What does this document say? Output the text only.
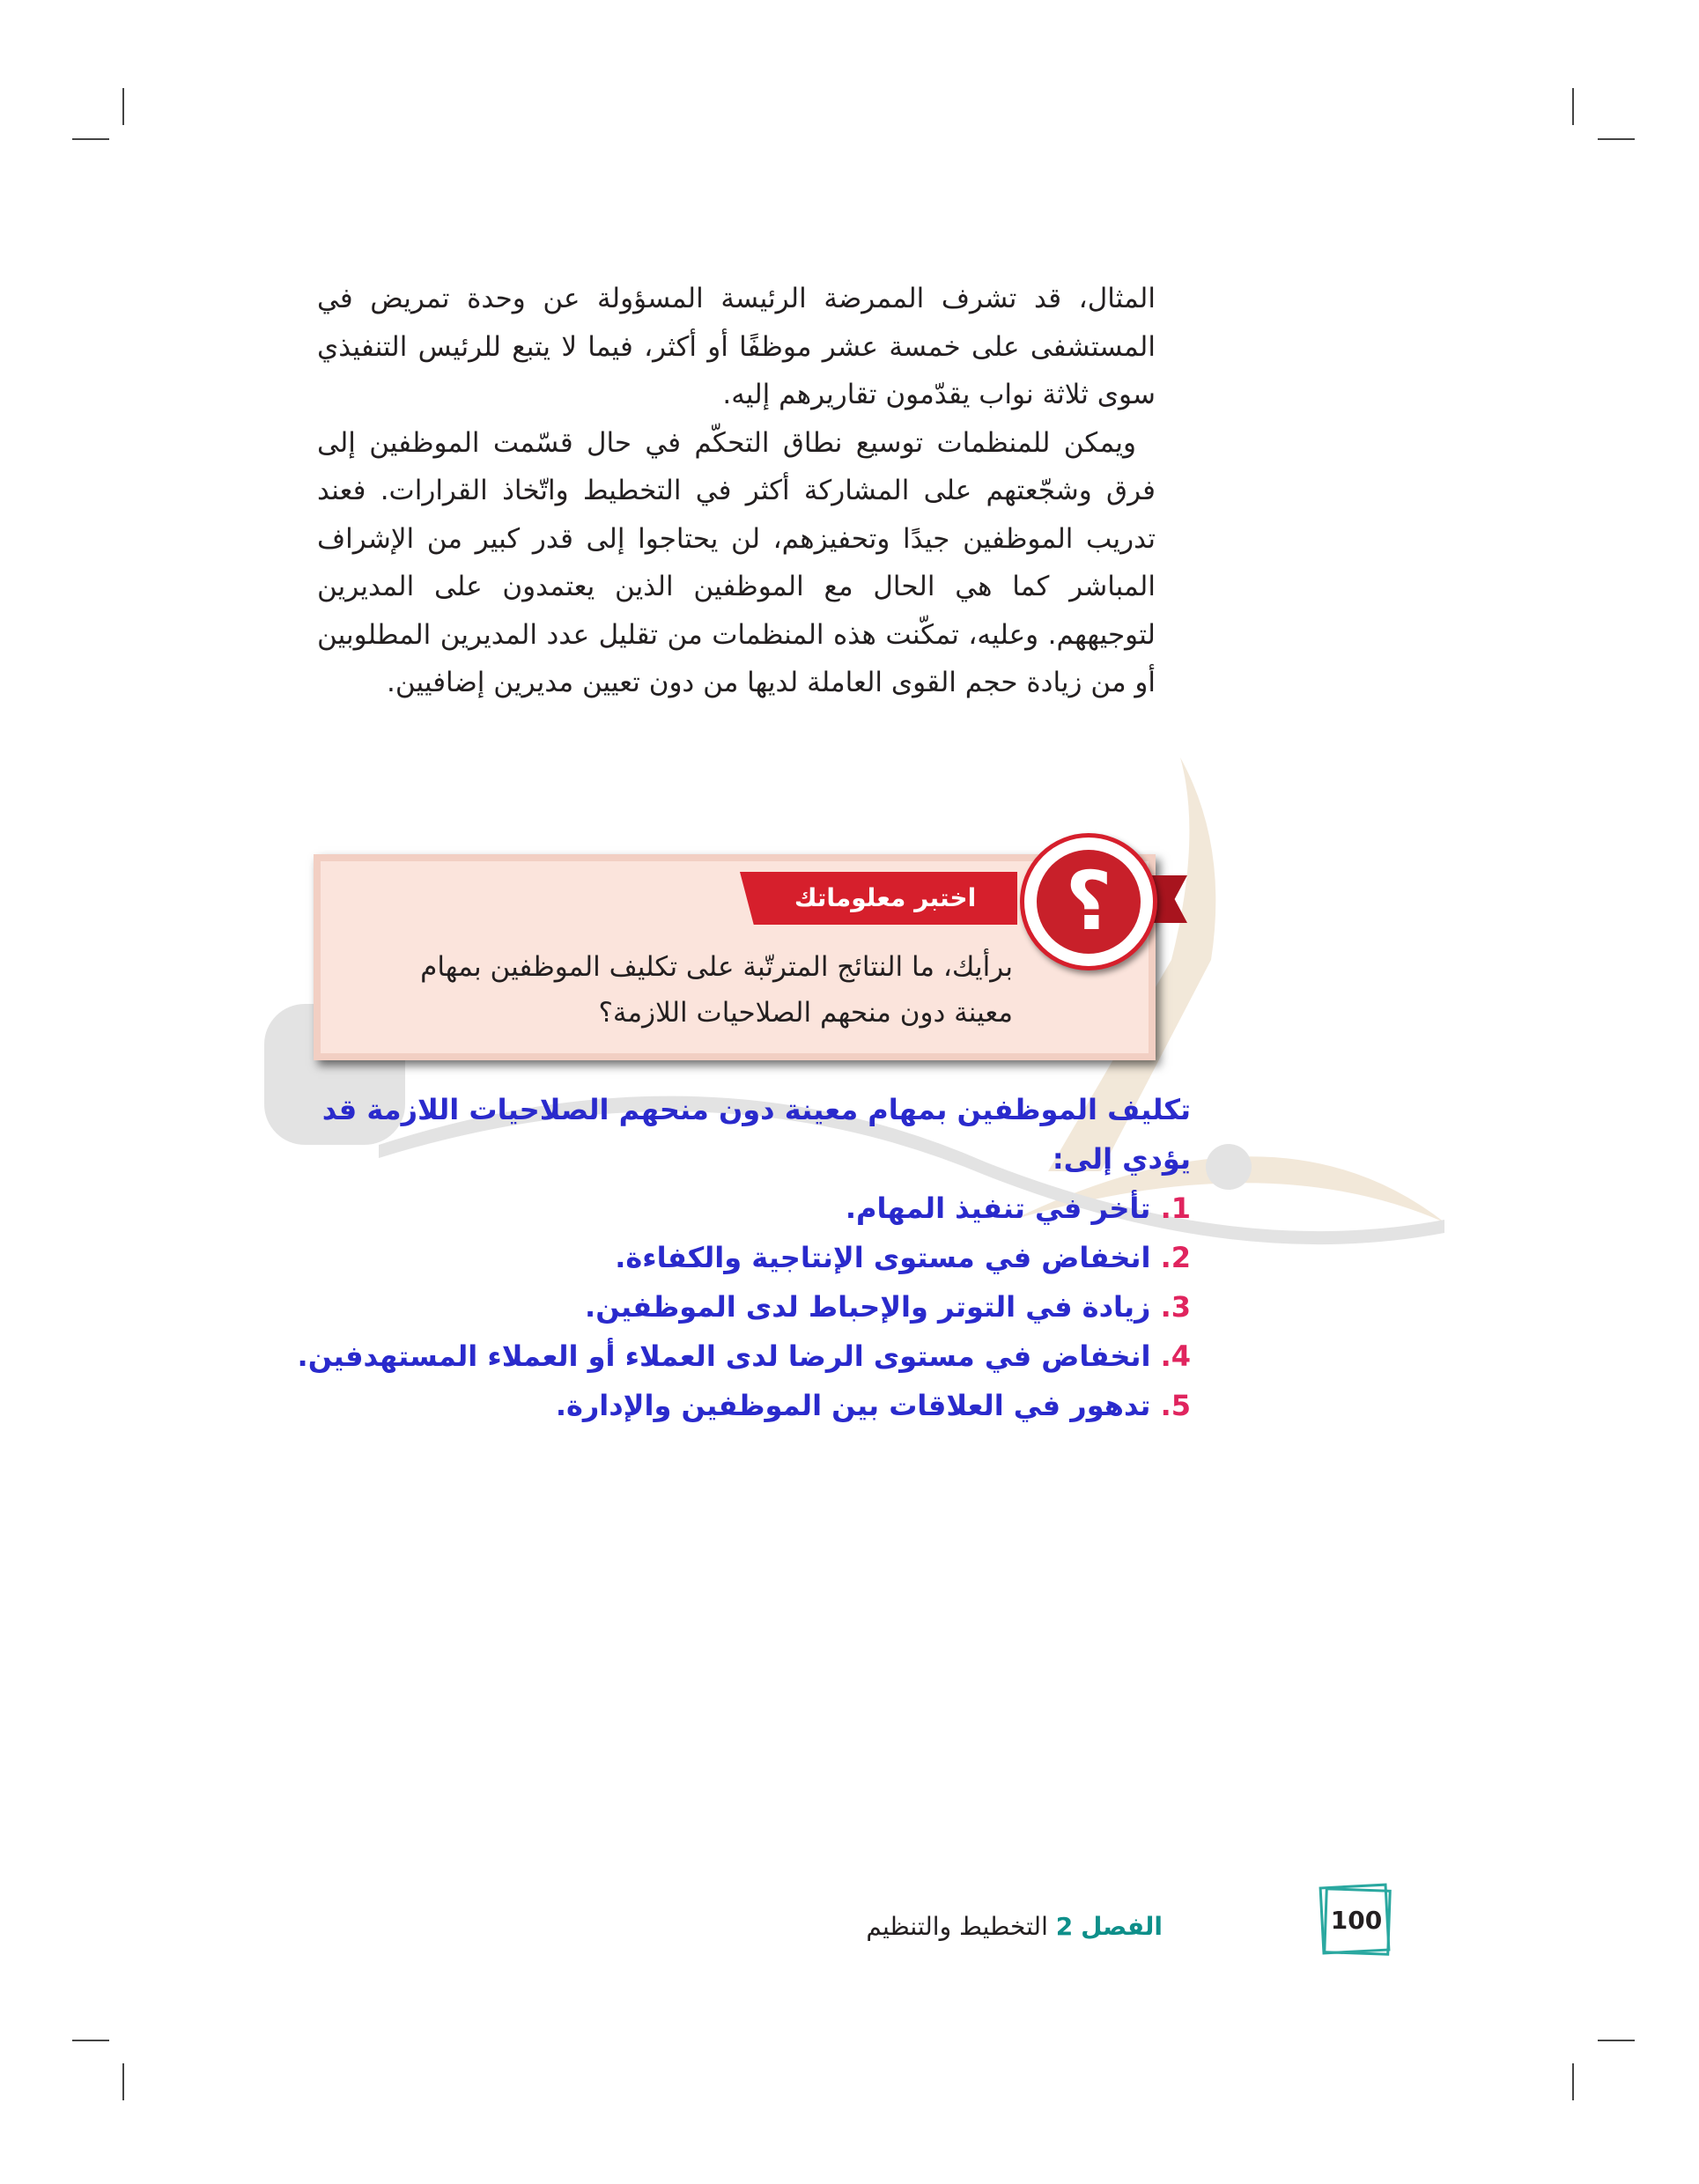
المثال، قد تشرف الممرضة الرئيسة المسؤولة عن وحدة تمريض في المستشفى على خمسة عشر موظفًا أو أكثر، فيما لا يتبع للرئيس التنفيذي سوى ثلاثة نواب يقدّمون تقاريرهم إليه.

ويمكن للمنظمات توسيع نطاق التحكّم في حال قسّمت الموظفين إلى فرق وشجّعتهم على المشاركة أكثر في التخطيط واتّخاذ القرارات. فعند تدريب الموظفين جيدًا وتحفيزهم، لن يحتاجوا إلى قدر كبير من الإشراف المباشر كما هي الحال مع الموظفين الذين يعتمدون على المديرين لتوجيههم. وعليه، تمكّنت هذه المنظمات من تقليل عدد المديرين المطلوبين أو من زيادة حجم القوى العاملة لديها من دون تعيين مديرين إضافيين.

اختبر معلوماتك	؟
برأيك، ما النتائج المترتّبة على تكليف الموظفين بمهام معينة دون منحهم الصلاحيات اللازمة؟

تكليف الموظفين بمهام معينة دون منحهم الصلاحيات اللازمة قد يؤدي إلى:

1. تأخر في تنفيذ المهام.
2. انخفاض في مستوى الإنتاجية والكفاءة.
3. زيادة في التوتر والإحباط لدى الموظفين.
4. انخفاض في مستوى الرضا لدى العملاء أو العملاء المستهدفين.
5. تدهور في العلاقات بين الموظفين والإدارة.
الفصل 2 التخطيط والتنظيم	100
